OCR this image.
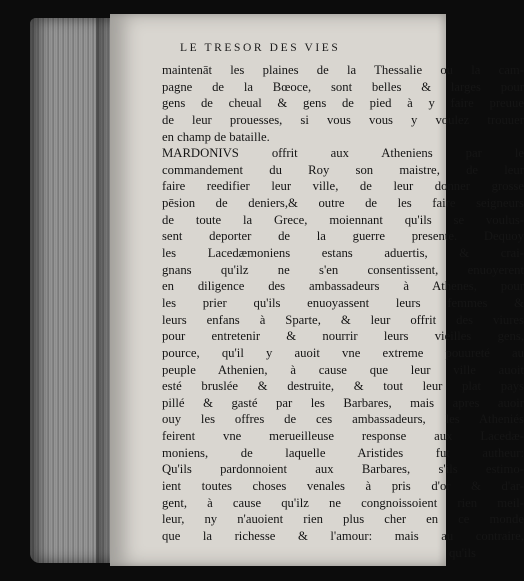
LE TRESOR DES VIES
maintenāt les plaines de la Thessalie ou la cam-
pagne de la Bœoce, sont belles & larges pour
gens de cheual & gens de pied à y faire preuue
de leur prouesses, si vous vous y voulez trouuer
en champ de bataille.
MARDONIVS offrit aux Atheniens par le
commandement du Roy son maistre, de leur
faire reedifier leur ville, de leur donner grosse
pēsion de deniers,& outre de les faire seigneurs
de toute la Grece, moiennant qu'ils se voulus-
sent deporter de la guerre presente. Dequoy
les Lacedæmoniens estans aduertis, & crai-
gnans qu'ilz ne s'en consentissent, enuoyerent
en diligence des ambassadeurs à Athenes, pour
les prier qu'ils enuoyassent leurs femmes &
leurs enfans à Sparte, & leur offrit des viures
pour entretenir & nourrir leurs vieilles gens,
pource, qu'il y auoit vne extreme pouureté au
peuple Athenien, à cause que leur ville auoit
esté bruslée & destruite, & tout leur plat pays
pillé & gasté par les Barbares, mais apres auoir
ouy les offres de ces ambassadeurs, les Atheniés
feirent vne merueilleuse response aux Lacedæ-
moniens, de laquelle Aristides fut autheur:
Qu'ils pardonnoient aux Barbares, s'ils estimo-
ient toutes choses venales à pris d'or & d'ar-
gent, à cause qu'ilz ne congnoissoient rien meil-
leur, ny n'auoient rien plus cher en ce monde
que la richesse & l'amour: mais au contraire,
qu'ils
